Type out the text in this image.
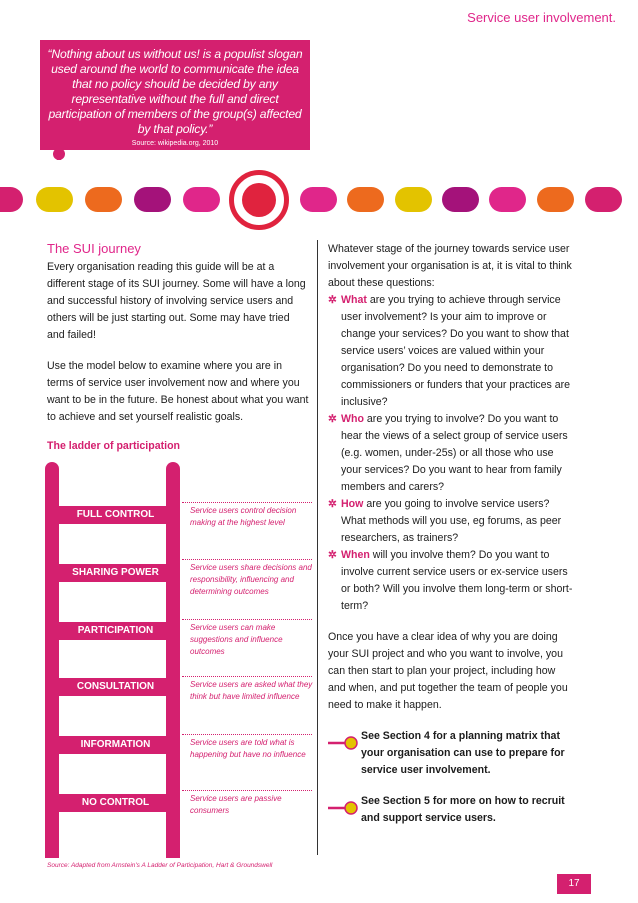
Service user involvement.
“Nothing about us without us! is a populist slogan used around the world to communicate the idea that no policy should be decided by any representative without the full and direct participation of members of the group(s) affected by that policy.”
Source: wikipedia.org, 2010
The SUI journey

Every organisation reading this guide will be at a different stage of its SUI journey. Some will have a long and successful history of involving service users and others will be just starting out. Some may have tried and failed!

Use the model below to examine where you are in terms of service user involvement now and where you want to be in the future. Be honest about what you want to achieve and set yourself realistic goals.

The ladder of participation
FULL CONTROL
SHARING POWER
PARTICIPATION
CONSULTATION
INFORMATION
NO CONTROL
Service users control decision making at the highest level
Service users share decisions and responsibility, influencing and determining outcomes
Service users can make suggestions and influence outcomes
Service users are asked what they think but have limited influence
Service users are told what is happening but have no influence
Service users are passive consumers

Whatever stage of the journey towards service user involvement your organisation is at, it is vital to think about these questions:

✲ What are you trying to achieve through service user involvement? Is your aim to improve or change your services? Do you want to show that service users’ voices are valued within your organisation? Do you need to demonstrate to commissioners or funders that your practices are inclusive?
✲ Who are you trying to involve? Do you want to hear the views of a select group of service users (e.g. women, under-25s) or all those who use your services? Do you want to hear from family members and carers?
✲ How are you going to involve service users? What methods will you use, eg forums, as peer researchers, as trainers?
✲ When will you involve them? Do you want to involve current service users or ex-service users or both? Will you involve them long-term or short-term?

Once you have a clear idea of why you are doing your SUI project and who you want to involve, you can then start to plan your project, including how and when, and put together the team of people you need to make it happen.

See Section 4 for a planning matrix that your organisation can use to prepare for service user involvement.
See Section 5 for more on how to recruit and support service users.
Source: Adapted from Arnstein's A Ladder of Participation, Hart & Groundswell
17
